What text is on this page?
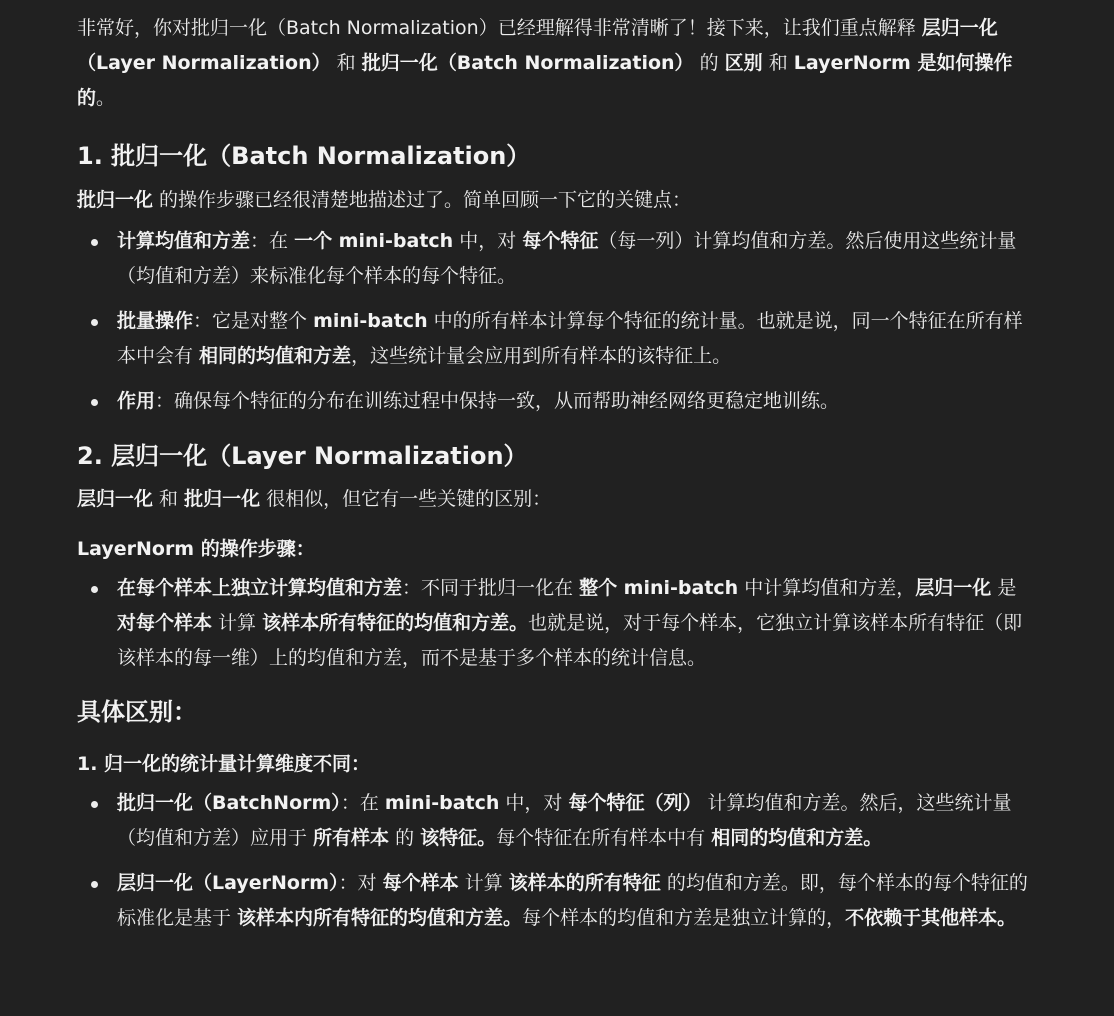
非常好，你对批归一化（Batch Normalization）已经理解得非常清晰了！接下来，让我们重点解释 层归一化（Layer Normalization） 和 批归一化（Batch Normalization） 的 区别 和 LayerNorm 是如何操作的。

1. 批归一化（Batch Normalization）

批归一化 的操作步骤已经很清楚地描述过了。简单回顾一下它的关键点：

计算均值和方差：在 一个 mini-batch 中，对 每个特征（每一列）计算均值和方差。然后使用这些统计量（均值和方差）来标准化每个样本的每个特征。
批量操作：它是对整个 mini-batch 中的所有样本计算每个特征的统计量。也就是说，同一个特征在所有样本中会有 相同的均值和方差，这些统计量会应用到所有样本的该特征上。
作用：确保每个特征的分布在训练过程中保持一致，从而帮助神经网络更稳定地训练。
2. 层归一化（Layer Normalization）

层归一化 和 批归一化 很相似，但它有一些关键的区别：

LayerNorm 的操作步骤：
在每个样本上独立计算均值和方差：不同于批归一化在 整个 mini-batch 中计算均值和方差，层归一化 是 对每个样本 计算 该样本所有特征的均值和方差。也就是说，对于每个样本，它独立计算该样本所有特征（即该样本的每一维）上的均值和方差，而不是基于多个样本的统计信息。
具体区别：
1. 归一化的统计量计算维度不同：
批归一化（BatchNorm）：在 mini-batch 中，对 每个特征（列） 计算均值和方差。然后，这些统计量（均值和方差）应用于 所有样本 的 该特征。每个特征在所有样本中有 相同的均值和方差。
层归一化（LayerNorm）：对 每个样本 计算 该样本的所有特征 的均值和方差。即，每个样本的每个特征的标准化是基于 该样本内所有特征的均值和方差。每个样本的均值和方差是独立计算的，不依赖于其他样本。
